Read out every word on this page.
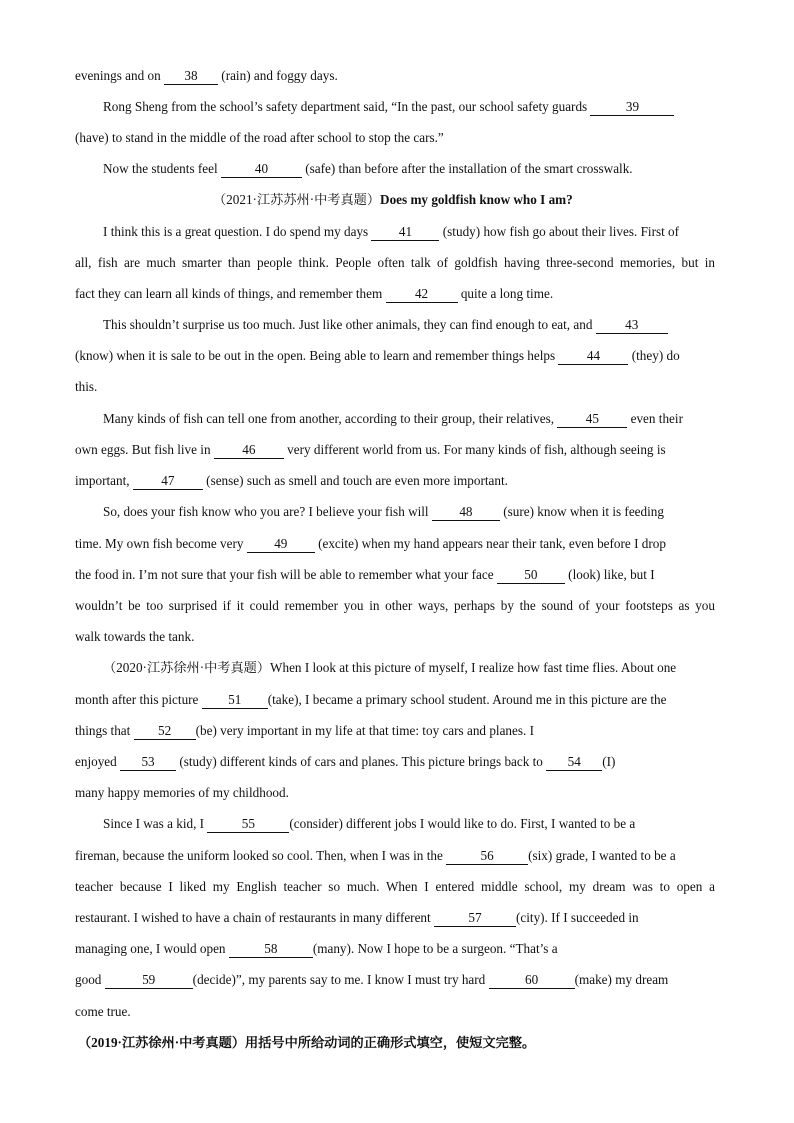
evenings and on 38 (rain) and foggy days.
Rong Sheng from the school’s safety department said, “In the past, our school safety guards	39
(have) to stand in the middle of the road after school to stop the cars.”
Now the students feel	40	(safe) than before after the installation of the smart crosswalk.
（2021·江苏苏州·中考真题）Does my goldfish know who I am?
I think this is a great question. I do spend my days 41 (study) how fish go about their lives. First of
all, fish are much smarter than people think. People often talk of goldfish having three-second memories, but in
fact they can learn all kinds of things, and remember them 42 quite a long time.
This shouldn’t surprise us too much. Just like other animals, they can find enough to eat, and 43
(know) when it is sale to be out in the open. Being able to learn and remember things helps 44 (they) do
this.
Many kinds of fish can tell one from another, according to their group, their relatives, 45 even their
own eggs. But fish live in 46 very different world from us. For many kinds of fish, although seeing is
important, 47 (sense) such as smell and touch are even more important.
So, does your fish know who you are? I believe your fish will 48 (sure) know when it is feeding
time. My own fish become very 49 (excite) when my hand appears near their tank, even before I drop
the food in. I’m not sure that your fish will be able to remember what your face 50 (look) like, but I
wouldn’t be too surprised if it could remember you in other ways, perhaps by the sound of your footsteps as you
walk towards the tank.
（2020·江苏徐州·中考真题）When I look at this picture of myself, I realize how fast time flies. About one
month after this picture 51 (take), I became a primary school student. Around me in this picture are the
things that 52 (be) very important in my life at that time: toy cars and planes. I
enjoyed 53 (study) different kinds of cars and planes. This picture brings back to 54 (I)
many happy memories of my childhood.
Since I was a kid, I	55	(consider) different jobs I would like to do. First, I wanted to be a
fireman, because the uniform looked so cool. Then, when I was in the	56	(six) grade, I wanted to be a
teacher because I liked my English teacher so much. When I entered middle school, my dream was to open a
restaurant. I wished to have a chain of restaurants in many different	57	(city). If I succeeded in
managing one, I would open	58	(many). Now I hope to be a surgeon. “That’s a
good	59	(decide)”, my parents say to me. I know I must try hard	60	(make) my dream
come true.
（2019·江苏徐州·中考真题）用括号中所给动词的正确形式填空，使短文完整。
